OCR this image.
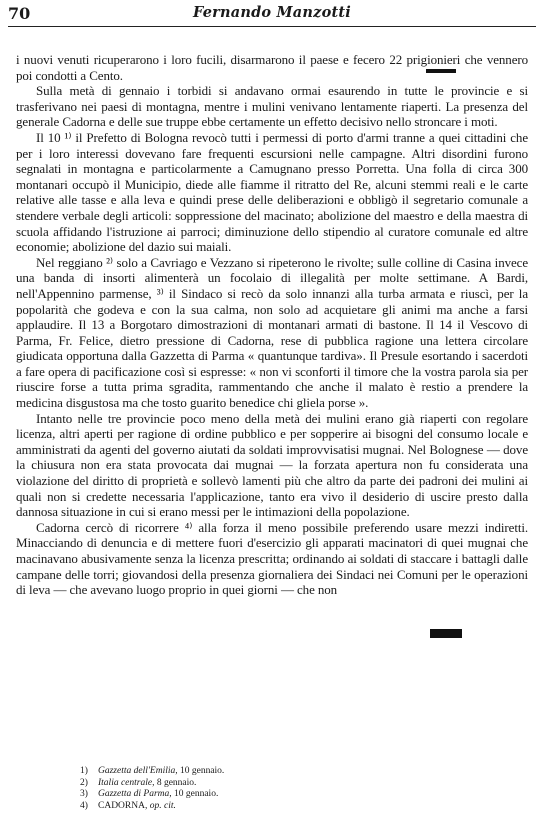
70	Fernando Manzotti

i nuovi venuti ricuperarono i loro fucili, disarmarono il paese e fecero 22 prigionieri che vennero poi condotti a Cento.

Sulla metà di gennaio i torbidi si andavano ormai esaurendo in tutte le provincie e si trasferivano nei paesi di montagna, mentre i mulini venivano lentamente riaperti. La presenza del generale Cadorna e delle sue truppe ebbe certamente un effetto decisivo nello stroncare i moti.

Il 10 ¹⁾ il Prefetto di Bologna revocò tutti i permessi di porto d'armi tranne a quei cittadini che per i loro interessi dovevano fare frequenti escursioni nelle campagne. Altri disordini furono segnalati in montagna e particolarmente a Camugnano presso Porretta. Una folla di circa 300 montanari occupò il Municipio, diede alle fiamme il ritratto del Re, alcuni stemmi reali e le carte relative alle tasse e alla leva e quindi prese delle deliberazioni e obbligò il segretario comunale a stendere verbale degli articoli: soppressione del macinato; abolizione del maestro e della maestra di scuola affidando l'istruzione ai parroci; diminuzione dello stipendio al curatore comunale ed altre economie; abolizione del dazio sui maiali.

Nel reggiano ²⁾ solo a Cavriago e Vezzano si ripeterono le rivolte; sulle colline di Casina invece una banda di insorti alimenterà un focolaio di illegalità per molte settimane. A Bardi, nell'Appennino parmense, ³⁾ il Sindaco si recò da solo innanzi alla turba armata e riuscì, per la popolarità che godeva e con la sua calma, non solo ad acquietare gli animi ma anche a farsi applaudire. Il 13 a Borgotaro dimostrazioni di montanari armati di bastone. Il 14 il Vescovo di Parma, Fr. Felice, dietro pressione di Cadorna, rese di pubblica ragione una lettera circolare giudicata opportuna dalla Gazzetta di Parma « quantunque tardiva». Il Presule esortando i sacerdoti a fare opera di pacificazione così si espresse: « non vi sconforti il timore che la vostra parola sia per riuscire forse a tutta prima sgradita, rammentando che anche il malato è restio a prendere la medicina disgustosa ma che tosto guarito benedice chi gliela porse ».

Intanto nelle tre provincie poco meno della metà dei mulini erano già riaperti con regolare licenza, altri aperti per ragione di ordine pubblico e per sopperire ai bisogni del consumo locale e amministrati da agenti del governo aiutati da soldati improvvisatisi mugnai. Nel Bolognese — dove la chiusura non era stata provocata dai mugnai — la forzata apertura non fu considerata una violazione del diritto di proprietà e sollevò lamenti più che altro da parte dei padroni dei mulini ai quali non si credette necessaria l'applicazione, tanto era vivo il desiderio di uscire presto dalla dannosa situazione in cui si erano messi per le intimazioni della popolazione.

Cadorna cercò di ricorrere ⁴⁾ alla forza il meno possibile preferendo usare mezzi indiretti. Minacciando di denuncia e di mettere fuori d'esercizio gli apparati macinatori di quei mugnai che macinavano abusivamente senza la licenza prescritta; ordinando ai soldati di staccare i battagli dalle campane delle torri; giovandosi della presenza giornaliera dei Sindaci nei Comuni per le operazioni di leva — che avevano luogo proprio in quei giorni — che non

1) Gazzetta dell'Emilia, 10 gennaio.
2) Italia centrale, 8 gennaio.
3) Gazzetta di Parma, 10 gennaio.
4) CADORNA, op. cit.
